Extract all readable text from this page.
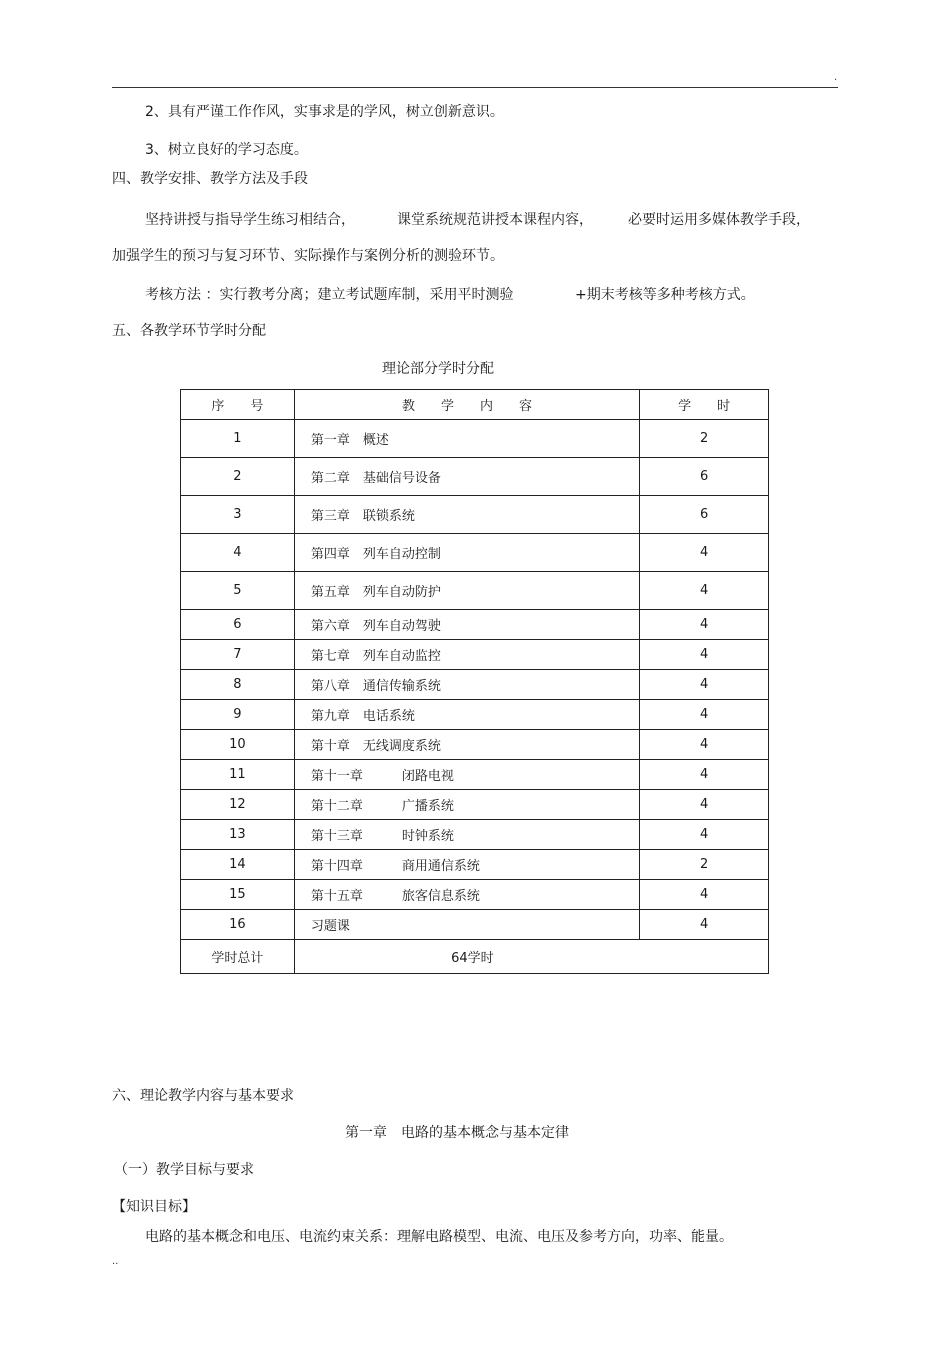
.
2、具有严谨工作作风，实事求是的学风，树立创新意识。
3、树立良好的学习态度。
四、教学安排、教学方法及手段
坚持讲授与指导学生练习相结合，	课堂系统规范讲授本课程内容，	必要时运用多媒体教学手段，
加强学生的预习与复习环节、实际操作与案例分析的测验环节。
考核方法 ：实行教考分离；建立考试题库制，采用平时测验	+期末考核等多种考核方式。
五、各教学环节学时分配
理论部分学时分配
序　　号	教　　学　　内　　容	学　　时
1	第一章　概述	2
2	第二章　基础信号设备	6
3	第三章　联锁系统	6
4	第四章　列车自动控制	4
5	第五章　列车自动防护	4
6	第六章　列车自动驾驶	4
7	第七章　列车自动监控	4
8	第八章　通信传输系统	4
9	第九章　电话系统	4
10	第十章　无线调度系统	4
11	第十一章　　　闭路电视	4
12	第十二章　　　广播系统	4
13	第十三章　　　时钟系统	4
14	第十四章　　　商用通信系统	2
15	第十五章　　　旅客信息系统	4
16	习题课	4
学时总计	64学时	
六、理论教学内容与基本要求
第一章　电路的基本概念与基本定律
（一）教学目标与要求
【知识目标】
电路的基本概念和电压、电流约束关系：理解电路模型、电流、电压及参考方向，功率、能量。
..
